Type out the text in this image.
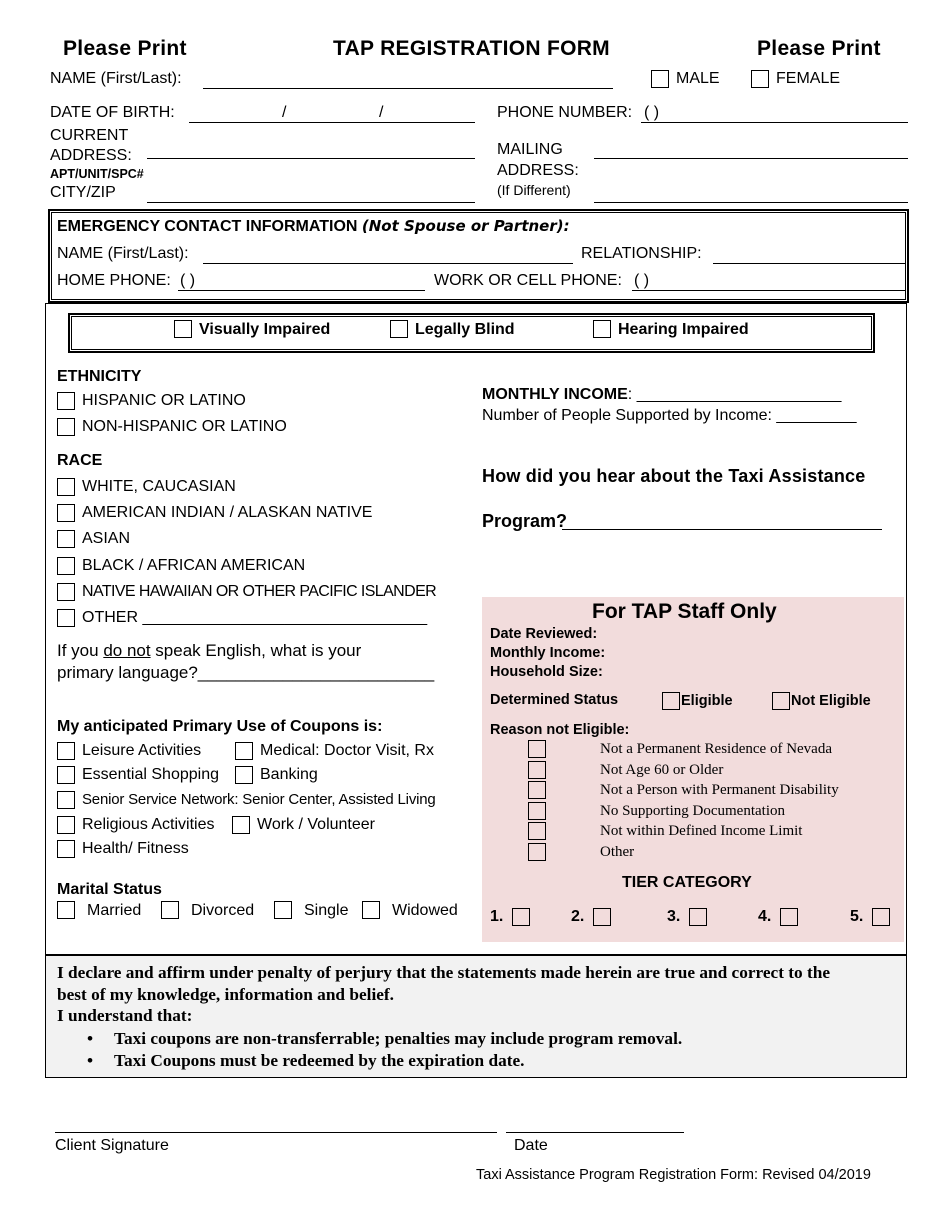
Please Print	TAP REGISTRATION FORM	Please Print
NAME (First/Last):	MALE	FEMALE
DATE OF BIRTH:	/	/	PHONE NUMBER: ( )
CURRENT
ADDRESS:
APT/UNIT/SPC#
CITY/ZIP
MAILING
ADDRESS:
(If Different)
EMERGENCY CONTACT INFORMATION (Not Spouse or Partner):
NAME (First/Last):	RELATIONSHIP:
HOME PHONE: ( )	WORK OR CELL PHONE: ( )
Visually Impaired	Legally Blind	Hearing Impaired
ETHNICITY
HISPANIC OR LATINO
NON-HISPANIC OR LATINO
RACE
WHITE, CAUCASIAN
AMERICAN INDIAN / ALASKAN NATIVE
ASIAN
BLACK / AFRICAN AMERICAN
NATIVE HAWAIIAN OR OTHER PACIFIC ISLANDER
OTHER ________________________________
If you do not speak English, what is your
primary language?_________________________
MONTHLY INCOME: _______________________
Number of People Supported by Income: _________
How did you hear about the Taxi Assistance
Program?
For TAP Staff Only
Date Reviewed:
Monthly Income:
Household Size:
Determined Status	Eligible	Not Eligible
Reason not Eligible:
Not a Permanent Residence of Nevada
Not Age 60 or Older
Not a Person with Permanent Disability
No Supporting Documentation
Not within Defined Income Limit
Other
TIER CATEGORY
1.	2.	3.	4.	5.
My anticipated Primary Use of Coupons is:
Leisure Activities	Medical: Doctor Visit, Rx
Essential Shopping	Banking
Senior Service Network: Senior Center, Assisted Living
Religious Activities	Work / Volunteer
Health/ Fitness
Marital Status
Married	Divorced	Single	Widowed
I declare and affirm under penalty of perjury that the statements made herein are true and correct to the
best of my knowledge, information and belief.
I understand that:
• Taxi coupons are non-transferrable; penalties may include program removal.
• Taxi Coupons must be redeemed by the expiration date.
Client Signature	Date
Taxi Assistance Program Registration Form: Revised 04/2019
